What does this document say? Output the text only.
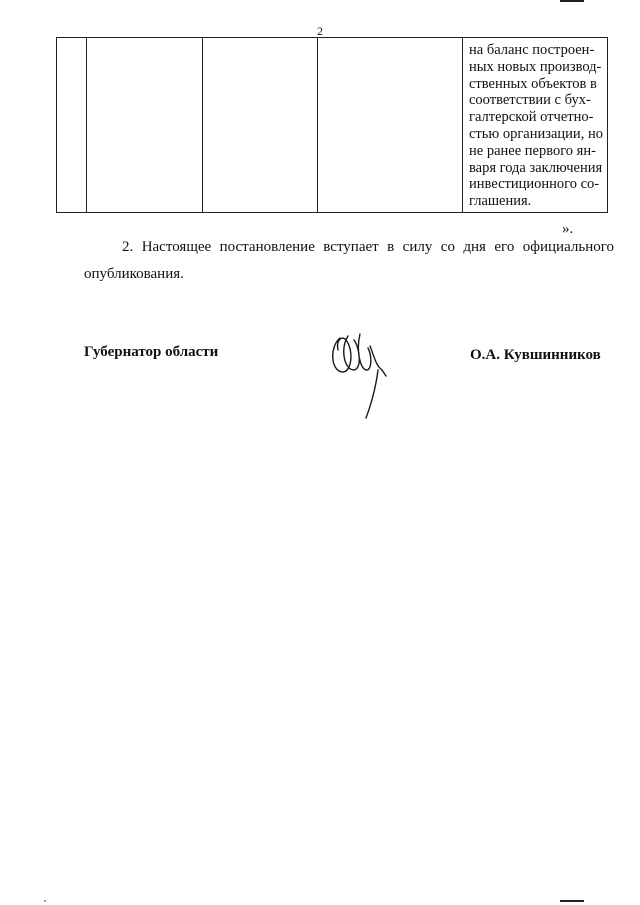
2
на баланс построен-
ных новых производ-
ственных объектов в
соответствии с бух-
галтерской отчетно-
стью организации, но
не ранее первого ян-
варя года заключения
инвестиционного со-
глашения.
».
2. Настоящее постановление вступает в силу со дня его официального
опубликования.
Губернатор области	О.А. Кувшинников
